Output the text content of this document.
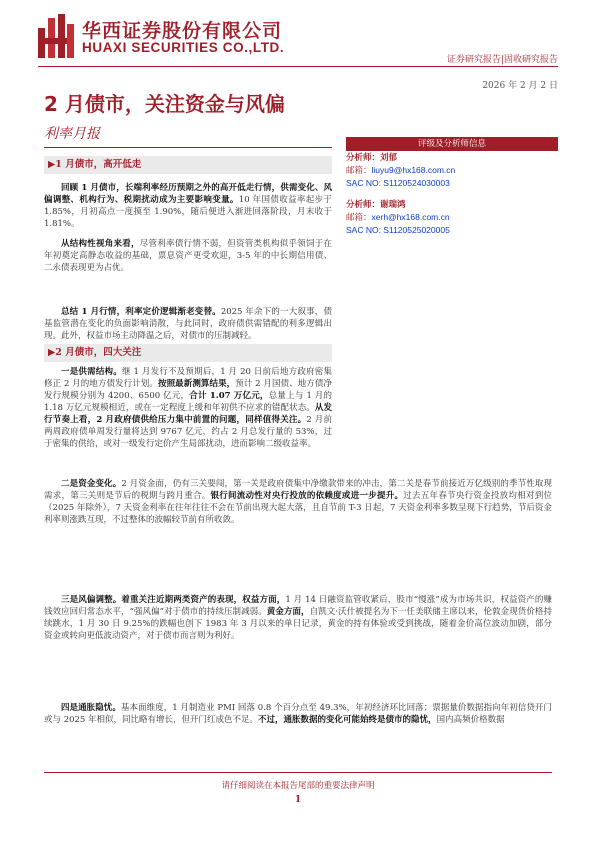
华西证券股份有限公司
HUAXI SECURITIES CO.,LTD.
证券研究报告|固收研究报告
2026 年 2 月 2 日
2 月债市，关注资金与风偏
利率月报
评级及分析师信息
分析师：刘郁
邮箱：liuyu9@hx168.com.cn
SAC NO: S1120524030003
分析师：谢瑞鸿
邮箱：xerh@hx168.com.cn
SAC NO: S1120525020005
▶1 月债市，高开低走
回顾 1 月债市，长端利率经历预期之外的高开低走行情，供需变化、风偏调整、机构行为、税期扰动成为主要影响变量。10 年国债收益率起步于 1.85%，月初高点一度摸至 1.90%，随后便进入渐进回落阶段，月末收于 1.81%。
从结构性视角来看，尽管利率债行情不弱，但资管类机构似乎领饲于在年初奠定高静态收益的基础，票息资产更受欢迎，3-5 年的中长期信用债、二永债表现更为占优。
总结 1 月行情，利率定价逻辑渐老变替。2025 年余下的一大叙事，债基监管潜在变化的负面影响消散，与此同时，政府债供需错配的利多逻辑出现。此外，权益市场主动降温之后，对债市的压制减轻。
▶2 月债市，四大关注
一是供需结构。继 1 月发行不及预期后，1 月 20 日前后地方政府密集修正 2 月的地方债发行计划。按照最新测算结果，预计 2 月国债、地方债净发行规模分别为 4200、6500 亿元，合计 1.07 万亿元，总量上与 1 月的 1.18 万亿元规模相近，或在一定程度上缓和年初供不应求的错配状态。从发行节奏上看，2 月政府债供给压力集中前置的问题，同样值得关注。2 月前两周政府债单周发行量将达到 9767 亿元，约占 2 月总发行量的 53%，过于密集的供给，或对一级发行定价产生局部扰动，进而影响二级收益率。
二是资金变化。2 月资金面，仍有三关要闯，第一关是政府债集中净缴款带来的冲击，第二关是春节前接近万亿级别的季节性取现需求，第三关则是节后的税期与跨月重合。银行间流动性对央行投放的依赖度或进一步提升。过去五年春节央行资金投放均相对到位（2025 年除外），7 天资金利率在往年往往不会在节前出现大起大落，且自节前 T-3 日起，7 天资金利率多数呈现下行趋势，节后资金利率则涨跌互现，不过整体的波幅较节前有所收敛。
三是风偏调整。着重关注近期两类资产的表现，权益方面，1 月 14 日融资监管收紧后，股市“慢涨”成为市场共识，权益资产的赚钱效应回归常态水平，“强风偏”对于债市的持续压制减弱。黄金方面，自凯文·沃什被提名为下一任美联储主席以来，伦敦金现货价格持续跳水，1 月 30 日 9.25%的跌幅也创下 1983 年 3 月以来的单日记录，黄金的持有体验或受到挑战，随着金价高位波动加剧，部分资金或转向更低波动资产，对于债市而言则为利好。
四是通胀隐忧。基本面维度，1 月制造业 PMI 回落 0.8 个百分点至 49.3%，年初经济环比回落；票据量价数据指向年初信贷开门或与 2025 年相似，同比略有增长，但开门红成色不足。不过，通胀数据的变化可能始终是债市的隐忧，国内高频价格数据
请仔细阅读在本报告尾部的重要法律声明
1
